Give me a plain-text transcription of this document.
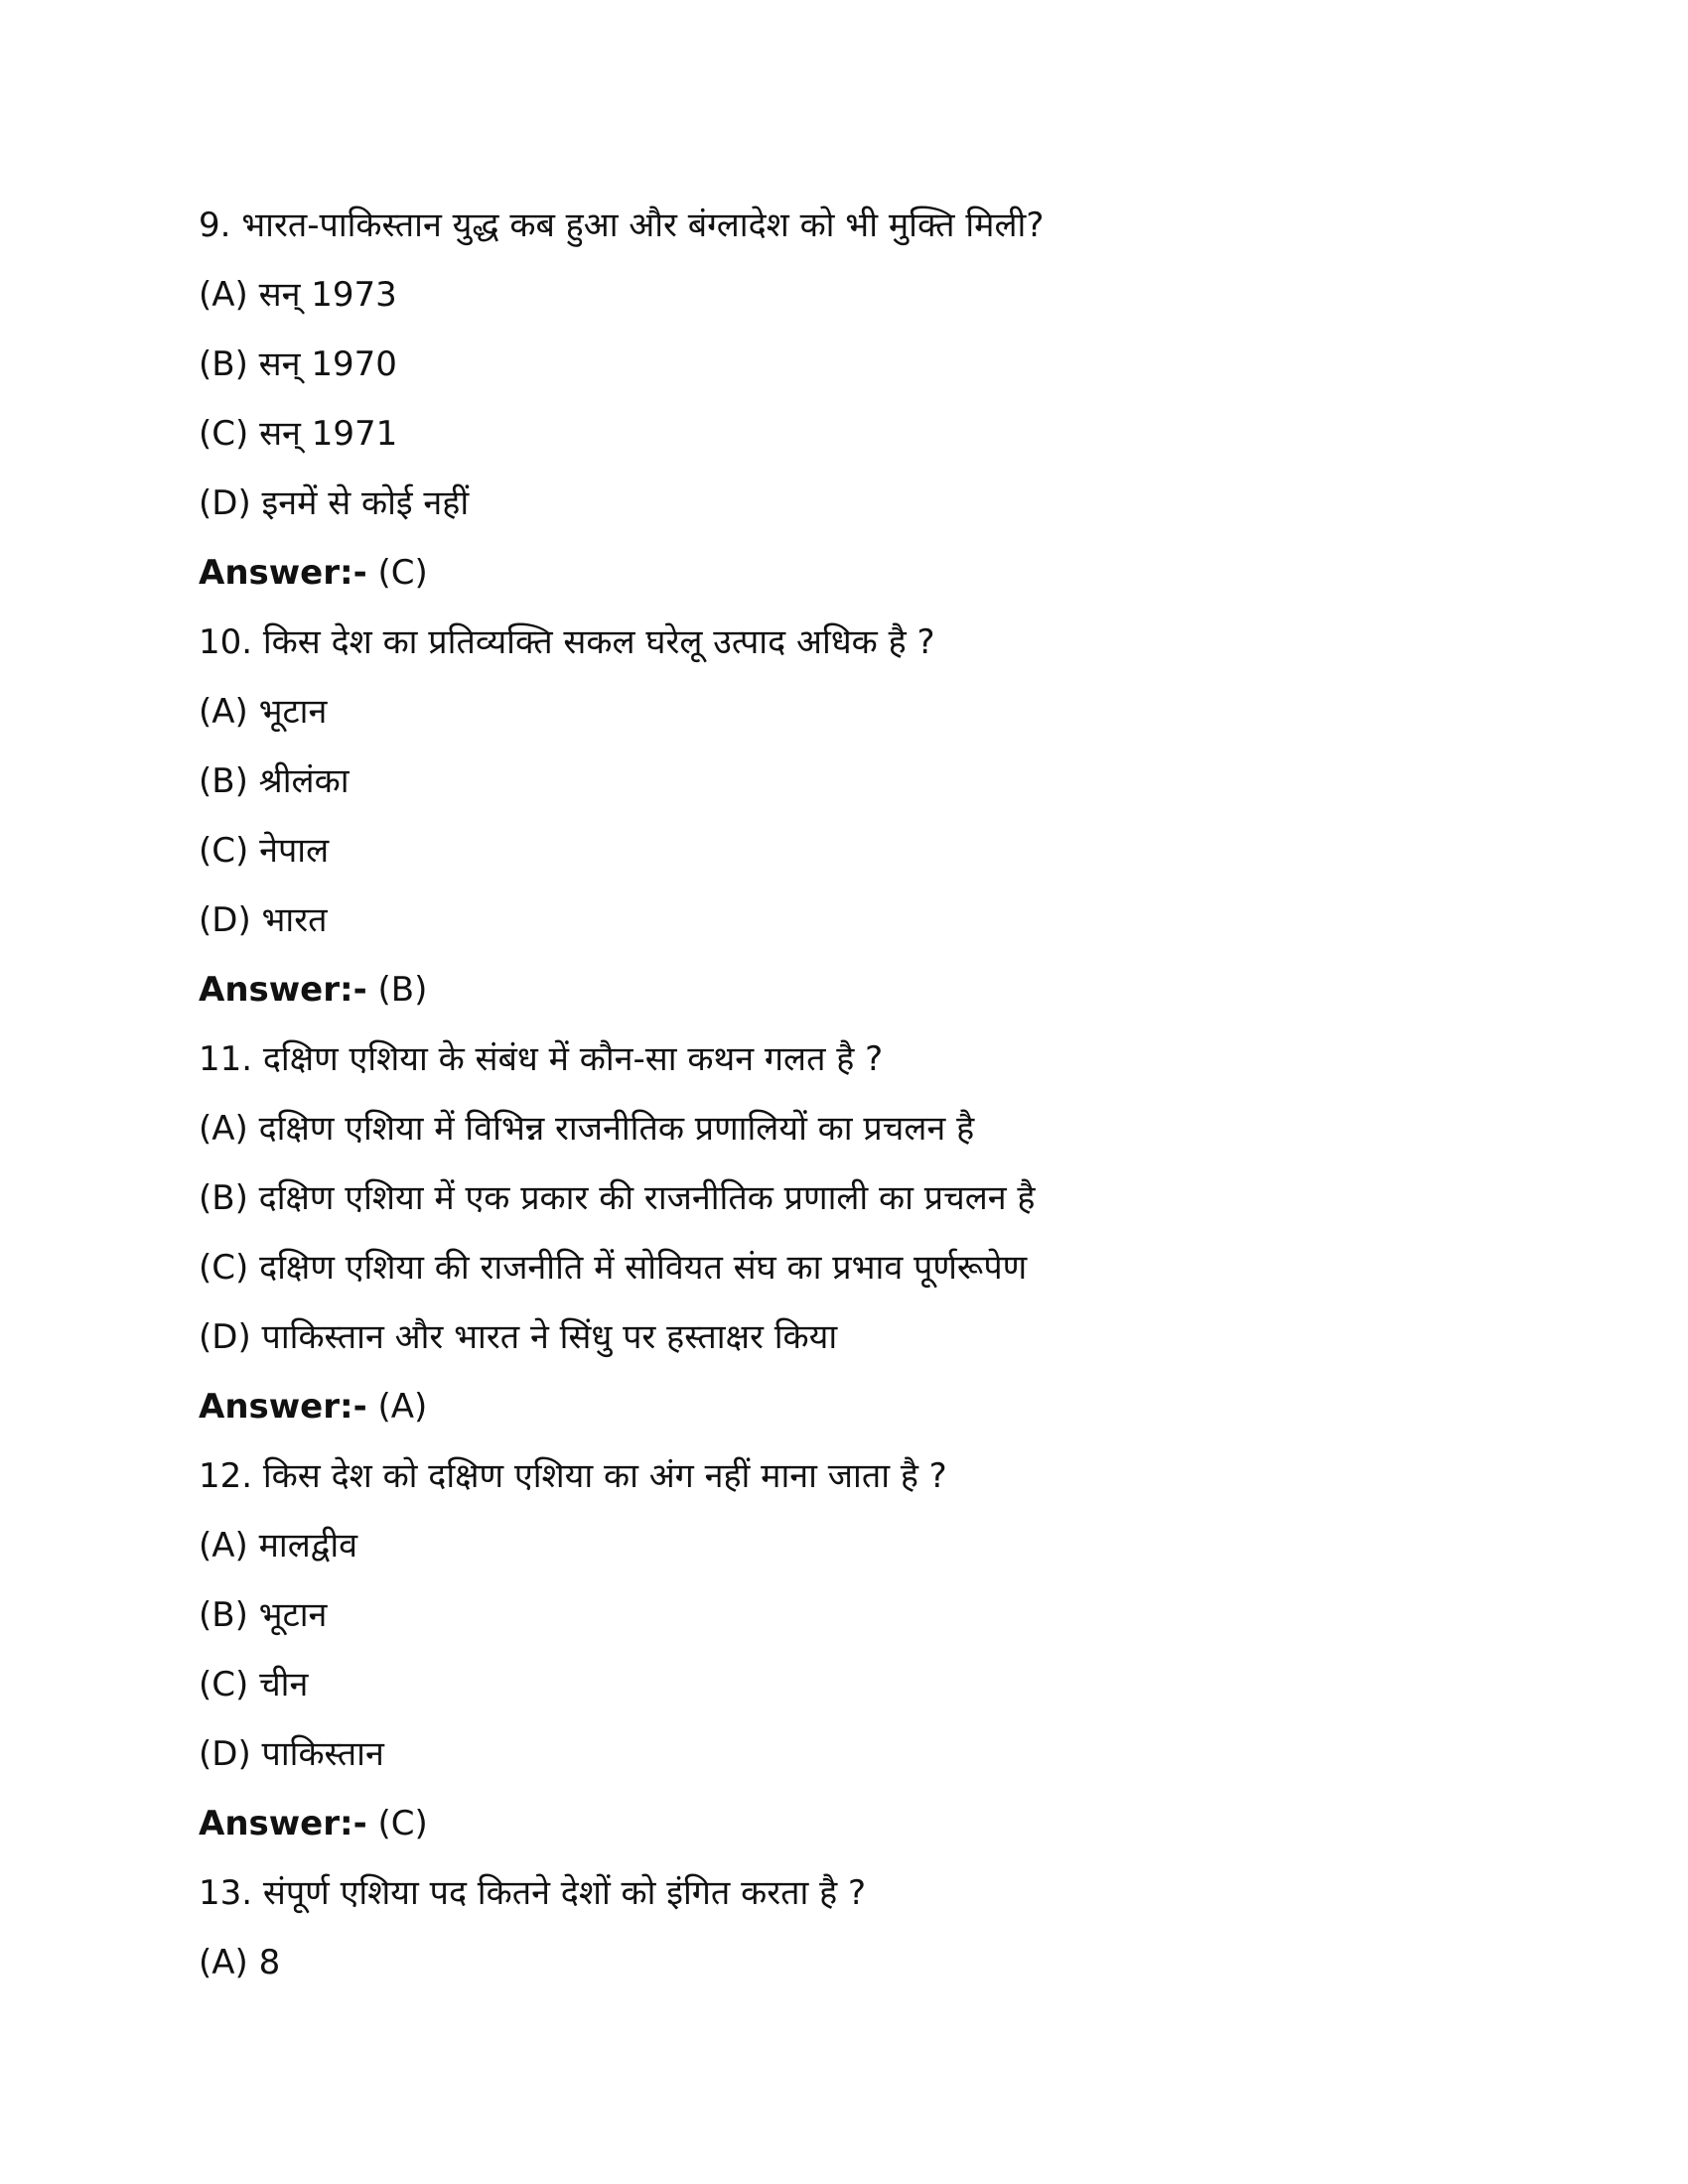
9. भारत-पाकिस्तान युद्ध कब हुआ और बंग्लादेश को भी मुक्ति मिली?
(A) सन् 1973
(B) सन् 1970
(C) सन् 1971
(D) इनमें से कोई नहीं
Answer:- (C)
10. किस देश का प्रतिव्यक्ति सकल घरेलू उत्पाद अधिक है ?
(A) भूटान
(B) श्रीलंका
(C) नेपाल
(D) भारत
Answer:- (B)
11. दक्षिण एशिया के संबंध में कौन-सा कथन गलत है ?
(A) दक्षिण एशिया में विभिन्न राजनीतिक प्रणालियों का प्रचलन है
(B) दक्षिण एशिया में एक प्रकार की राजनीतिक प्रणाली का प्रचलन है
(C) दक्षिण एशिया की राजनीति में सोवियत संघ का प्रभाव पूर्णरूपेण
(D) पाकिस्तान और भारत ने सिंधु पर हस्ताक्षर किया
Answer:- (A)
12. किस देश को दक्षिण एशिया का अंग नहीं माना जाता है ?
(A) मालद्वीव
(B) भूटान
(C) चीन
(D) पाकिस्तान
Answer:- (C)
13. संपूर्ण एशिया पद कितने देशों को इंगित करता है ?
(A) 8
